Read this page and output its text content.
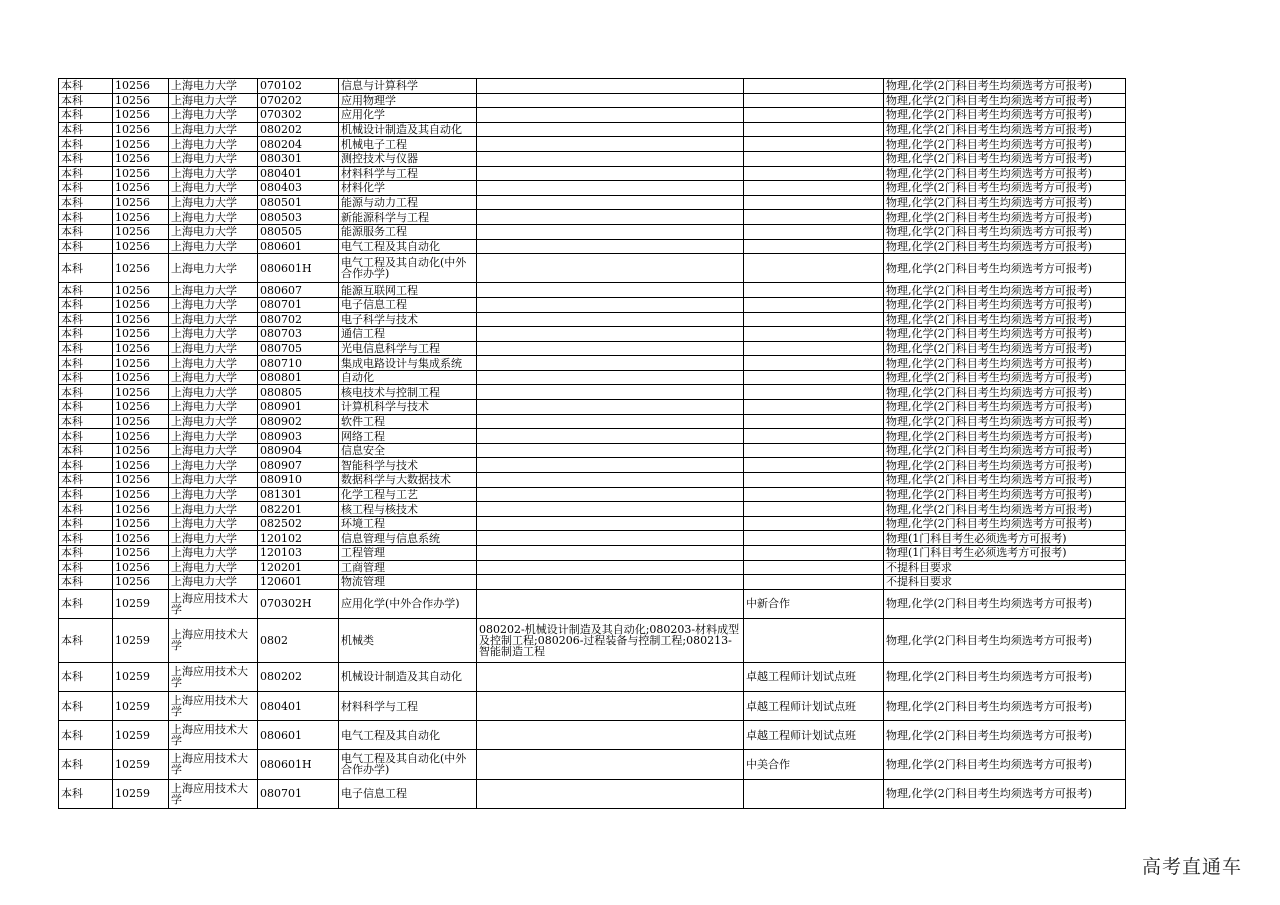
本科	10256	上海电力大学	070102	信息与计算科学			物理,化学(2门科目考生均须选考方可报考)
本科	10256	上海电力大学	070202	应用物理学			物理,化学(2门科目考生均须选考方可报考)
本科	10256	上海电力大学	070302	应用化学			物理,化学(2门科目考生均须选考方可报考)
本科	10256	上海电力大学	080202	机械设计制造及其自动化			物理,化学(2门科目考生均须选考方可报考)
本科	10256	上海电力大学	080204	机械电子工程			物理,化学(2门科目考生均须选考方可报考)
本科	10256	上海电力大学	080301	测控技术与仪器			物理,化学(2门科目考生均须选考方可报考)
本科	10256	上海电力大学	080401	材料科学与工程			物理,化学(2门科目考生均须选考方可报考)
本科	10256	上海电力大学	080403	材料化学			物理,化学(2门科目考生均须选考方可报考)
本科	10256	上海电力大学	080501	能源与动力工程			物理,化学(2门科目考生均须选考方可报考)
本科	10256	上海电力大学	080503	新能源科学与工程			物理,化学(2门科目考生均须选考方可报考)
本科	10256	上海电力大学	080505	能源服务工程			物理,化学(2门科目考生均须选考方可报考)
本科	10256	上海电力大学	080601	电气工程及其自动化			物理,化学(2门科目考生均须选考方可报考)
本科	10256	上海电力大学	080601H	电气工程及其自动化(中外合作办学)			物理,化学(2门科目考生均须选考方可报考)
本科	10256	上海电力大学	080607	能源互联网工程			物理,化学(2门科目考生均须选考方可报考)
本科	10256	上海电力大学	080701	电子信息工程			物理,化学(2门科目考生均须选考方可报考)
本科	10256	上海电力大学	080702	电子科学与技术			物理,化学(2门科目考生均须选考方可报考)
本科	10256	上海电力大学	080703	通信工程			物理,化学(2门科目考生均须选考方可报考)
本科	10256	上海电力大学	080705	光电信息科学与工程			物理,化学(2门科目考生均须选考方可报考)
本科	10256	上海电力大学	080710	集成电路设计与集成系统			物理,化学(2门科目考生均须选考方可报考)
本科	10256	上海电力大学	080801	自动化			物理,化学(2门科目考生均须选考方可报考)
本科	10256	上海电力大学	080805	核电技术与控制工程			物理,化学(2门科目考生均须选考方可报考)
本科	10256	上海电力大学	080901	计算机科学与技术			物理,化学(2门科目考生均须选考方可报考)
本科	10256	上海电力大学	080902	软件工程			物理,化学(2门科目考生均须选考方可报考)
本科	10256	上海电力大学	080903	网络工程			物理,化学(2门科目考生均须选考方可报考)
本科	10256	上海电力大学	080904	信息安全			物理,化学(2门科目考生均须选考方可报考)
本科	10256	上海电力大学	080907	智能科学与技术			物理,化学(2门科目考生均须选考方可报考)
本科	10256	上海电力大学	080910	数据科学与大数据技术			物理,化学(2门科目考生均须选考方可报考)
本科	10256	上海电力大学	081301	化学工程与工艺			物理,化学(2门科目考生均须选考方可报考)
本科	10256	上海电力大学	082201	核工程与核技术			物理,化学(2门科目考生均须选考方可报考)
本科	10256	上海电力大学	082502	环境工程			物理,化学(2门科目考生均须选考方可报考)
本科	10256	上海电力大学	120102	信息管理与信息系统			物理(1门科目考生必须选考方可报考)
本科	10256	上海电力大学	120103	工程管理			物理(1门科目考生必须选考方可报考)
本科	10256	上海电力大学	120201	工商管理			不提科目要求
本科	10256	上海电力大学	120601	物流管理			不提科目要求
本科	10259	上海应用技术大学	070302H	应用化学(中外合作办学)		中新合作	物理,化学(2门科目考生均须选考方可报考)
本科	10259	上海应用技术大学	0802	机械类	080202-机械设计制造及其自动化;080203-材料成型及控制工程;080206-过程装备与控制工程;080213-智能制造工程		物理,化学(2门科目考生均须选考方可报考)
本科	10259	上海应用技术大学	080202	机械设计制造及其自动化		卓越工程师计划试点班	物理,化学(2门科目考生均须选考方可报考)
本科	10259	上海应用技术大学	080401	材料科学与工程		卓越工程师计划试点班	物理,化学(2门科目考生均须选考方可报考)
本科	10259	上海应用技术大学	080601	电气工程及其自动化		卓越工程师计划试点班	物理,化学(2门科目考生均须选考方可报考)
本科	10259	上海应用技术大学	080601H	电气工程及其自动化(中外合作办学)		中美合作	物理,化学(2门科目考生均须选考方可报考)
本科	10259	上海应用技术大学	080701	电子信息工程			物理,化学(2门科目考生均须选考方可报考)
高考直通车
